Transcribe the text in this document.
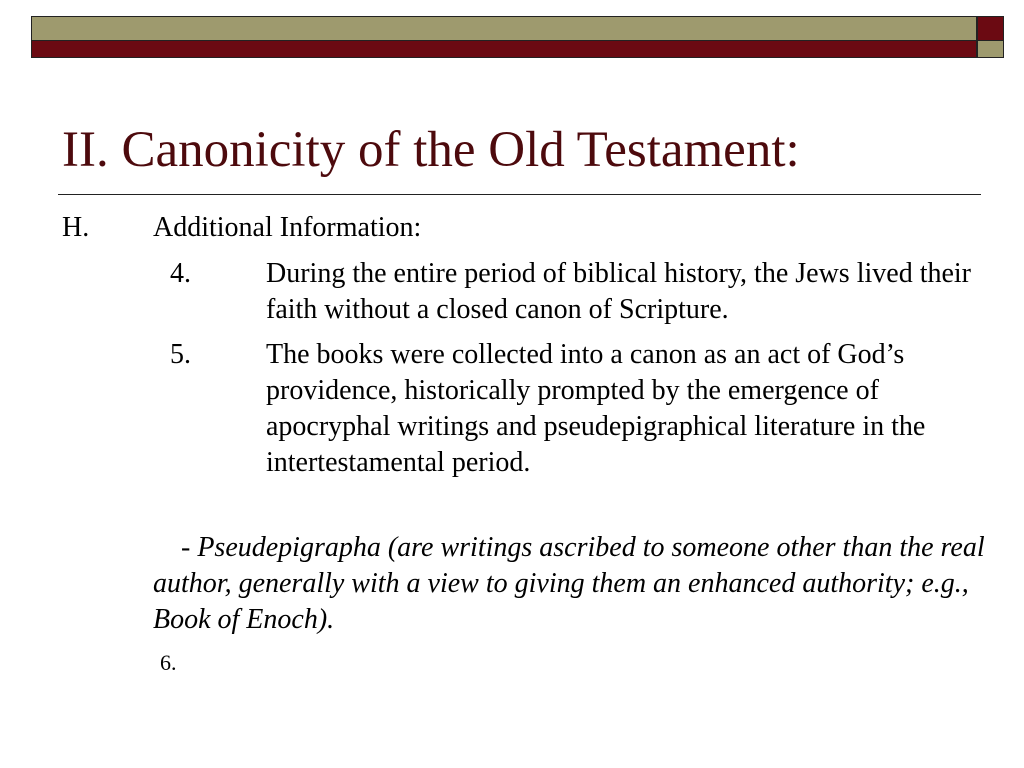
II. Canonicity of the Old Testament:
H. Additional Information:
4.	During the entire period of biblical history, the Jews lived their faith without a closed canon of Scripture.
5.	The books were collected into a canon as an act of God’s providence, historically prompted by the emergence of apocryphal writings and pseudepigraphical literature in the intertestamental period.
- Pseudepigrapha (are writings ascribed to someone other than the real author, generally with a view to giving them an enhanced authority; e.g., Book of Enoch).
6.
